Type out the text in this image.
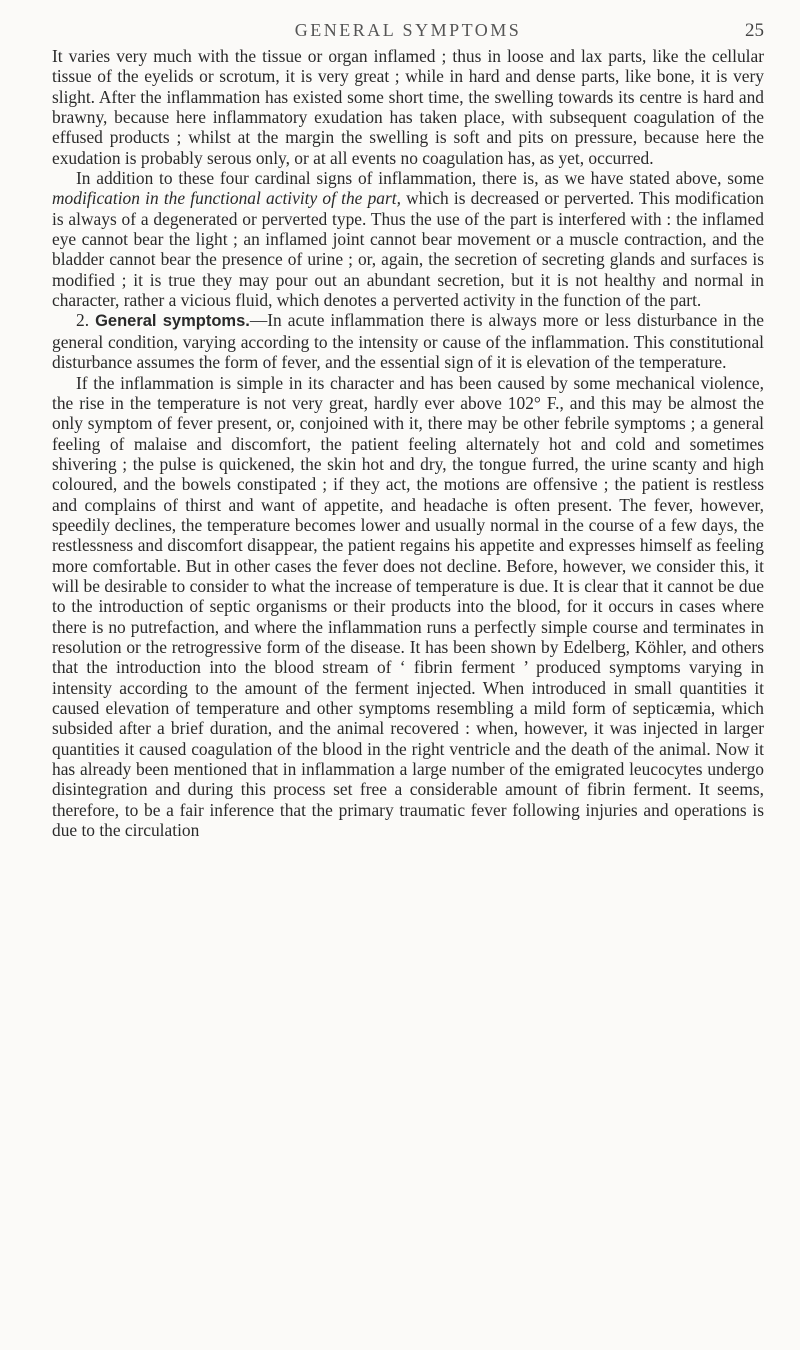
GENERAL SYMPTOMS	25

It varies very much with the tissue or organ inflamed ; thus in loose and lax parts, like the cellular tissue of the eyelids or scrotum, it is very great ; while in hard and dense parts, like bone, it is very slight. After the inflammation has existed some short time, the swelling towards its centre is hard and brawny, because here inflammatory exudation has taken place, with subsequent coagulation of the effused products ; whilst at the margin the swelling is soft and pits on pressure, because here the exudation is probably serous only, or at all events no coagulation has, as yet, occurred.

In addition to these four cardinal signs of inflammation, there is, as we have stated above, some modification in the functional activity of the part, which is decreased or perverted. This modification is always of a degenerated or perverted type. Thus the use of the part is interfered with : the inflamed eye cannot bear the light ; an inflamed joint cannot bear movement or a muscle contraction, and the bladder cannot bear the presence of urine ; or, again, the secretion of secreting glands and surfaces is modified ; it is true they may pour out an abundant secretion, but it is not healthy and normal in character, rather a vicious fluid, which denotes a perverted activity in the function of the part.

2. General symptoms.—In acute inflammation there is always more or less disturbance in the general condition, varying according to the intensity or cause of the inflammation. This constitutional disturbance assumes the form of fever, and the essential sign of it is elevation of the temperature.

If the inflammation is simple in its character and has been caused by some mechanical violence, the rise in the temperature is not very great, hardly ever above 102° F., and this may be almost the only symptom of fever present, or, conjoined with it, there may be other febrile symptoms ; a general feeling of malaise and discomfort, the patient feeling alternately hot and cold and sometimes shivering ; the pulse is quickened, the skin hot and dry, the tongue furred, the urine scanty and high coloured, and the bowels constipated ; if they act, the motions are offensive ; the patient is restless and complains of thirst and want of appetite, and headache is often present. The fever, however, speedily declines, the temperature becomes lower and usually normal in the course of a few days, the restlessness and discomfort disappear, the patient regains his appetite and expresses himself as feeling more comfortable. But in other cases the fever does not decline. Before, however, we consider this, it will be desirable to consider to what the increase of temperature is due. It is clear that it cannot be due to the introduction of septic organisms or their products into the blood, for it occurs in cases where there is no putrefaction, and where the inflammation runs a perfectly simple course and terminates in resolution or the retrogressive form of the disease. It has been shown by Edelberg, Köhler, and others that the introduction into the blood stream of ‘ fibrin ferment ’ produced symptoms varying in intensity according to the amount of the ferment injected. When introduced in small quantities it caused elevation of temperature and other symptoms resembling a mild form of septicæmia, which subsided after a brief duration, and the animal recovered : when, however, it was injected in larger quantities it caused coagulation of the blood in the right ventricle and the death of the animal. Now it has already been mentioned that in inflammation a large number of the emigrated leucocytes undergo disintegration and during this process set free a considerable amount of fibrin ferment. It seems, therefore, to be a fair inference that the primary traumatic fever following injuries and operations is due to the circulation
